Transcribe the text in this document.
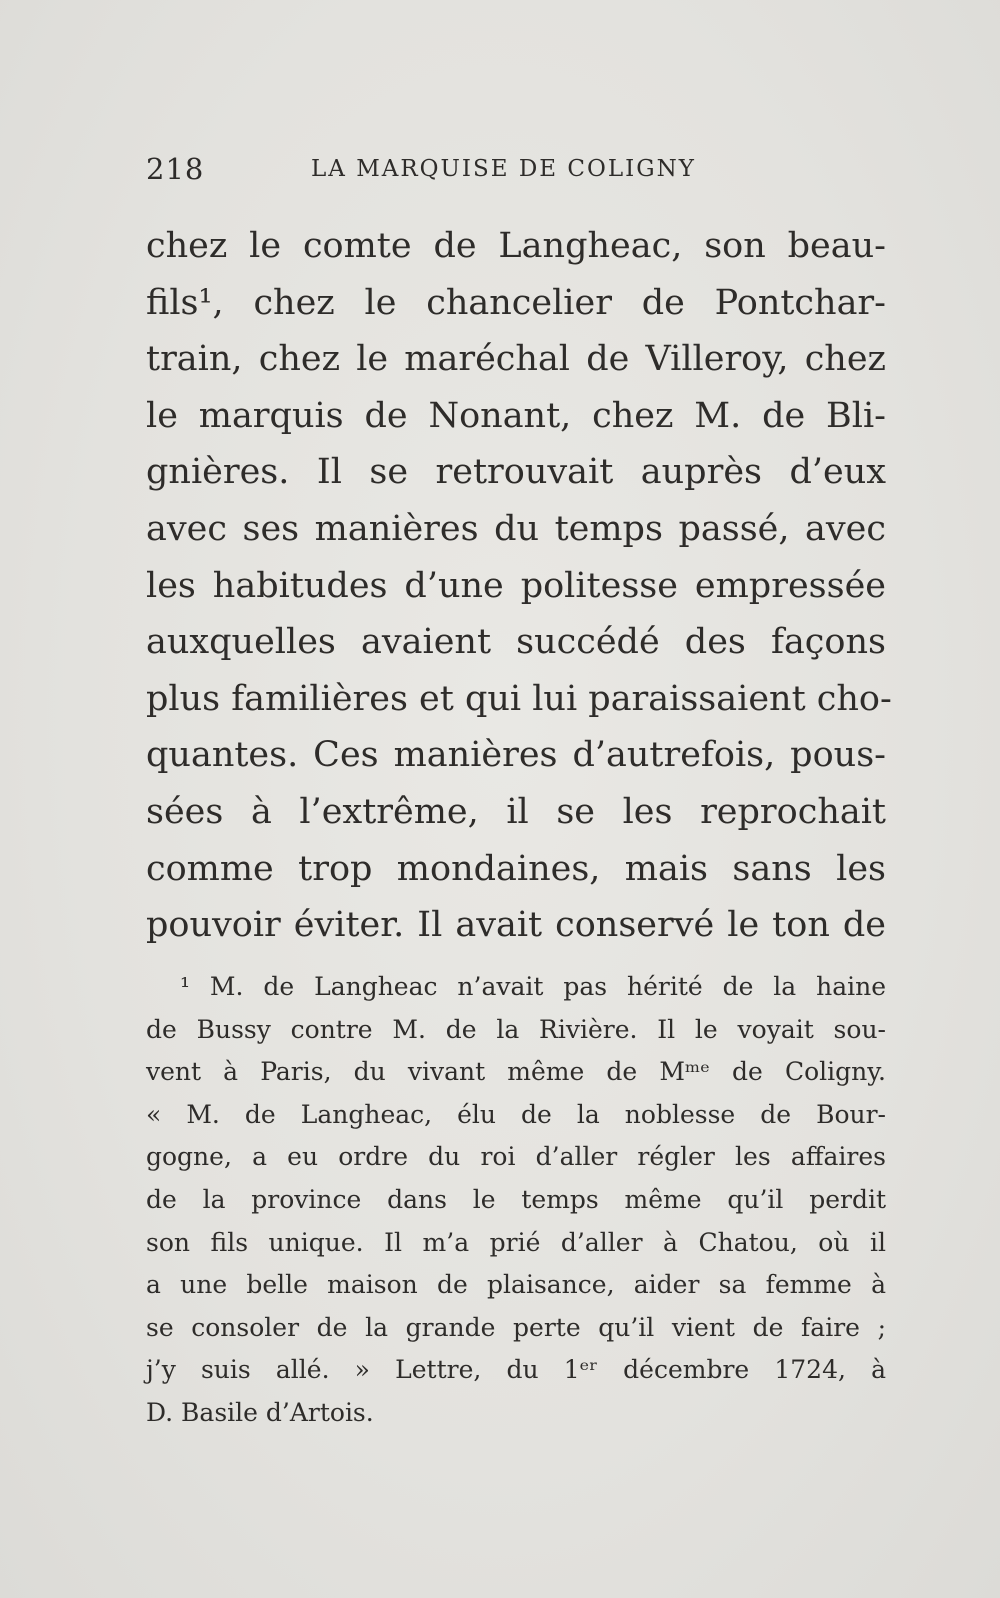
218	LA MARQUISE DE COLIGNY
chez le comte de Langheac, son beau-
fils¹, chez le chancelier de Pontchar-
train, chez le maréchal de Villeroy, chez
le marquis de Nonant, chez M. de Bli-
gnières. Il se retrouvait auprès d’eux
avec ses manières du temps passé, avec
les habitudes d’une politesse empressée
auxquelles avaient succédé des façons
plus familières et qui lui paraissaient cho-
quantes. Ces manières d’autrefois, pous-
sées à l’extrême, il se les reprochait
comme trop mondaines, mais sans les
pouvoir éviter. Il avait conservé le ton de
¹ M. de Langheac n’avait pas hérité de la haine
de Bussy contre M. de la Rivière. Il le voyait sou-
vent à Paris, du vivant même de Mᵐᵉ de Coligny.
« M. de Langheac, élu de la noblesse de Bour-
gogne, a eu ordre du roi d’aller régler les affaires
de la province dans le temps même qu’il perdit
son fils unique. Il m’a prié d’aller à Chatou, où il
a une belle maison de plaisance, aider sa femme à
se consoler de la grande perte qu’il vient de faire ;
j’y suis allé. » Lettre, du 1ᵉʳ décembre 1724, à
D. Basile d’Artois.
